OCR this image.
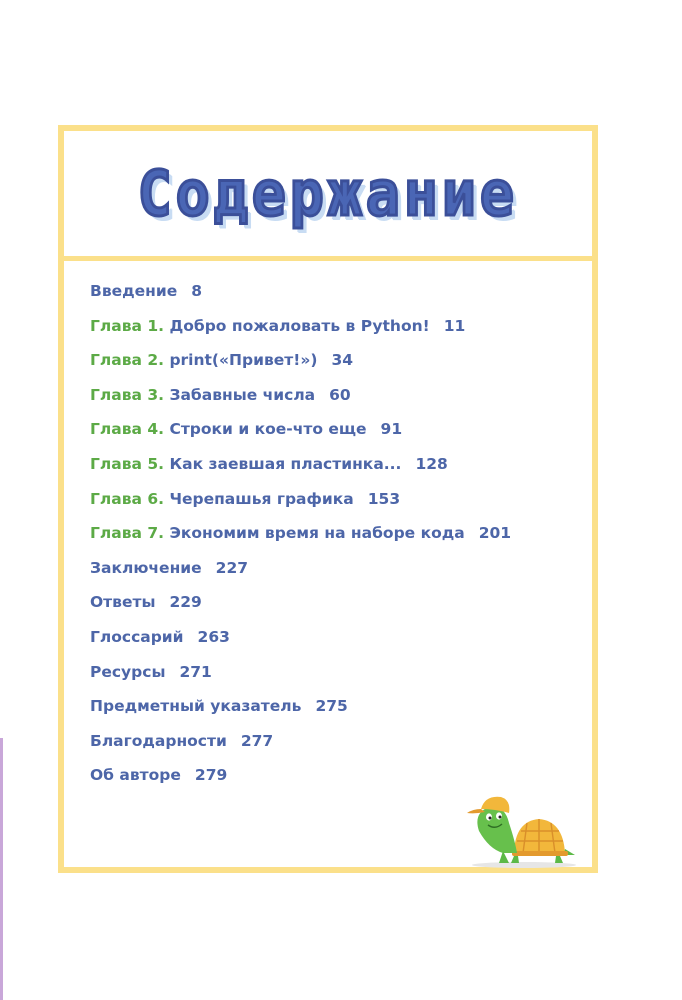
Содержание
Введение 8
Глава 1. Добро пожаловать в Python! 11
Глава 2. print(«Привет!») 34
Глава 3. Забавные числа 60
Глава 4. Строки и кое-что еще 91
Глава 5. Как заевшая пластинка... 128
Глава 6. Черепашья графика 153
Глава 7. Экономим время на наборе кода 201
Заключение 227
Ответы 229
Глоссарий 263
Ресурсы 271
Предметный указатель 275
Благодарности 277
Об авторе 279
